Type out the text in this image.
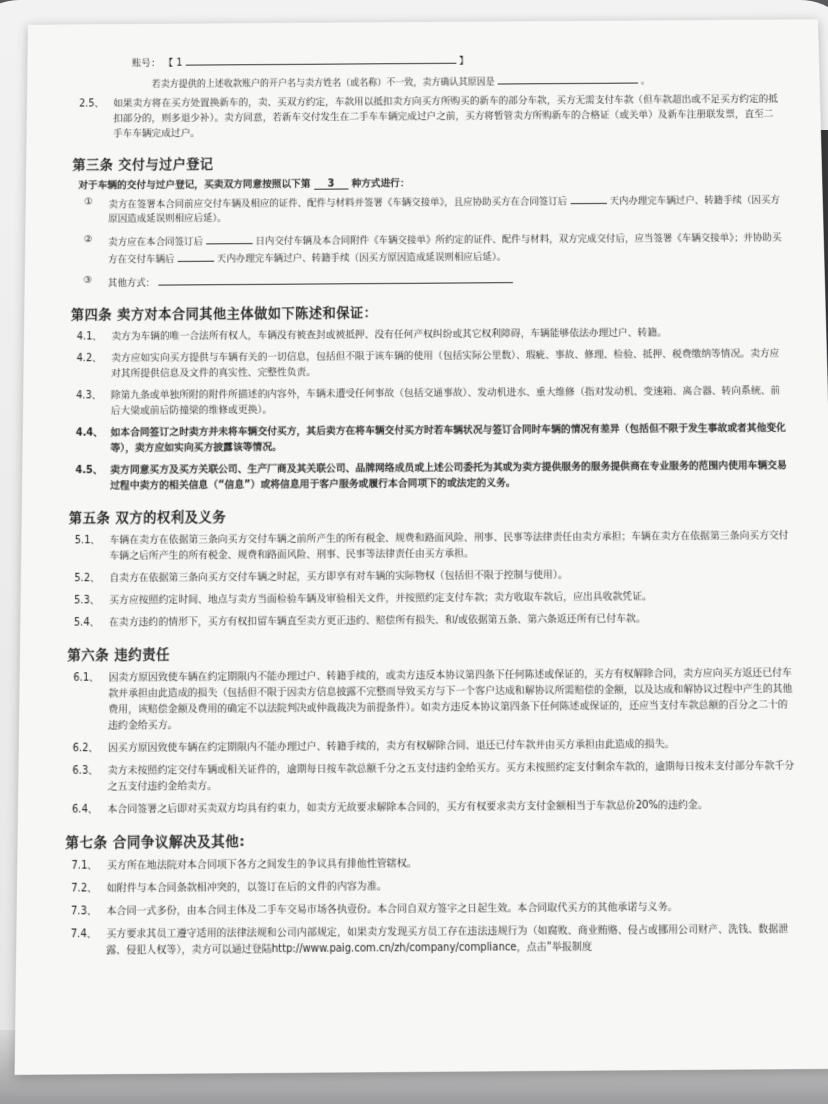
账号： 【 1	】
若卖方提供的上述收款账户的开户名与卖方姓名（或名称）不一致，卖方确认其原因是	。
2.5、 如果卖方将在买方处置换新车的，卖、买双方约定，车款用以抵扣卖方向买方所购买的新车的部分车款，买方无需支付车款（但车款超出或不足买方约定的抵扣部分的，则多退少补）。卖方同意，若新车交付发生在二手车车辆完成过户之前，买方将暂管卖方所购新车的合格证（或关单）及新车注册联发票，直至二手车车辆完成过户。
第三条 交付与过户登记
对于车辆的交付与过户登记，买卖双方同意按照以下第 3 种方式进行：
①	卖方在签署本合同前应交付车辆及相应的证件、配件与材料并签署《车辆交接单》，且应协助买方在合同签订后	天内办理完车辆过户、转籍手续（因买方原因造成延误则相应后延）。
②	卖方应在本合同签订后	日内交付车辆及本合同附件《车辆交接单》所约定的证件、配件与材料，双方完成交付后，应当签署《车辆交接单》；并协助买方在交付车辆后	天内办理完车辆过户、转籍手续（因买方原因造成延误则相应后延）。
③	其他方式：
第四条 卖方对本合同其他主体做如下陈述和保证：
4.1、 卖方为车辆的唯一合法所有权人，车辆没有被查封或被抵押、没有任何产权纠纷或其它权利障碍，车辆能够依法办理过户、转籍。
4.2、 卖方应如实向买方提供与车辆有关的一切信息，包括但不限于该车辆的使用（包括实际公里数）、瑕疵、事故、修理、检验、抵押、税费缴纳等情况。卖方应对其所提供信息及文件的真实性、完整性负责。
4.3、 除第九条或单独所附的附件所描述的内容外，车辆未遭受任何事故（包括交通事故）、发动机进水、重大维修（指对发动机、变速箱、离合器、转向系统、前后大梁或前后防撞梁的维修或更换）。
4.4、 如本合同签订之时卖方并未将车辆交付买方，其后卖方在将车辆交付买方时若车辆状况与签订合同时车辆的情况有差异（包括但不限于发生事故或者其他变化等），卖方应如实向买方披露该等情况。
4.5、 卖方同意买方及买方关联公司、生产厂商及其关联公司、品牌网络成员或上述公司委托为其或为卖方提供服务的服务提供商在专业服务的范围内使用车辆交易过程中卖方的相关信息（“信息”）或将信息用于客户服务或履行本合同项下的或法定的义务。
第五条 双方的权利及义务
5.1、 车辆在卖方在依据第三条向买方交付车辆之前所产生的所有税金、规费和路面风险、刑事、民事等法律责任由卖方承担；车辆在卖方在依据第三条向买方交付车辆之后所产生的所有税金、规费和路面风险、刑事、民事等法律责任由买方承担。
5.2、 自卖方在依据第三条向买方交付车辆之时起，买方即享有对车辆的实际物权（包括但不限于控制与使用）。
5.3、 买方应按照约定时间、地点与卖方当面检验车辆及审验相关文件，并按照约定支付车款；卖方收取车款后，应出具收款凭证。
5.4、 在卖方违约的情形下，买方有权扣留车辆直至卖方更正违约、赔偿所有损失、和/或依据第五条、第六条返还所有已付车款。
第六条 违约责任
6.1、 因卖方原因致使车辆在约定期限内不能办理过户、转籍手续的，或卖方违反本协议第四条下任何陈述或保证的，买方有权解除合同，卖方应向买方返还已付车款并承担由此造成的损失（包括但不限于因卖方信息披露不完整而导致买方与下一个客户达成和解协议所需赔偿的金额，以及达成和解协议过程中产生的其他费用，该赔偿金额及费用的确定不以法院判决或仲裁裁决为前提条件）。如卖方违反本协议第四条下任何陈述或保证的，还应当支付车款总额的百分之二十的违约金给买方。
6.2、 因买方原因致使车辆在约定期限内不能办理过户、转籍手续的，卖方有权解除合同、退还已付车款并由买方承担由此造成的损失。
6.3、 卖方未按照约定交付车辆或相关证件的，逾期每日按车款总额千分之五支付违约金给买方。买方未按照约定支付剩余车款的，逾期每日按未支付部分车款千分之五支付违约金给卖方。
6.4、 本合同签署之后即对买卖双方均具有约束力，如卖方无故要求解除本合同的，买方有权要求卖方支付金额相当于车款总价20%的违约金。
第七条 合同争议解决及其他:
7.1、 买方所在地法院对本合同项下各方之间发生的争议具有排他性管辖权。
7.2、 如附件与本合同条款相冲突的，以签订在后的文件的内容为准。
7.3、 本合同一式多份，由本合同主体及二手车交易市场各执壹份。本合同自双方签字之日起生效。本合同取代买方的其他承诺与义务。
7.4、 买方要求其员工遵守适用的法律法规和公司内部规定，如果卖方发现买方员工存在违法违规行为（如腐败、商业贿赂、侵占或挪用公司财产、洗钱、数据泄露、侵犯人权等），卖方可以通过登陆http://www.paig.com.cn/zh/company/compliance，点击“举报制度
